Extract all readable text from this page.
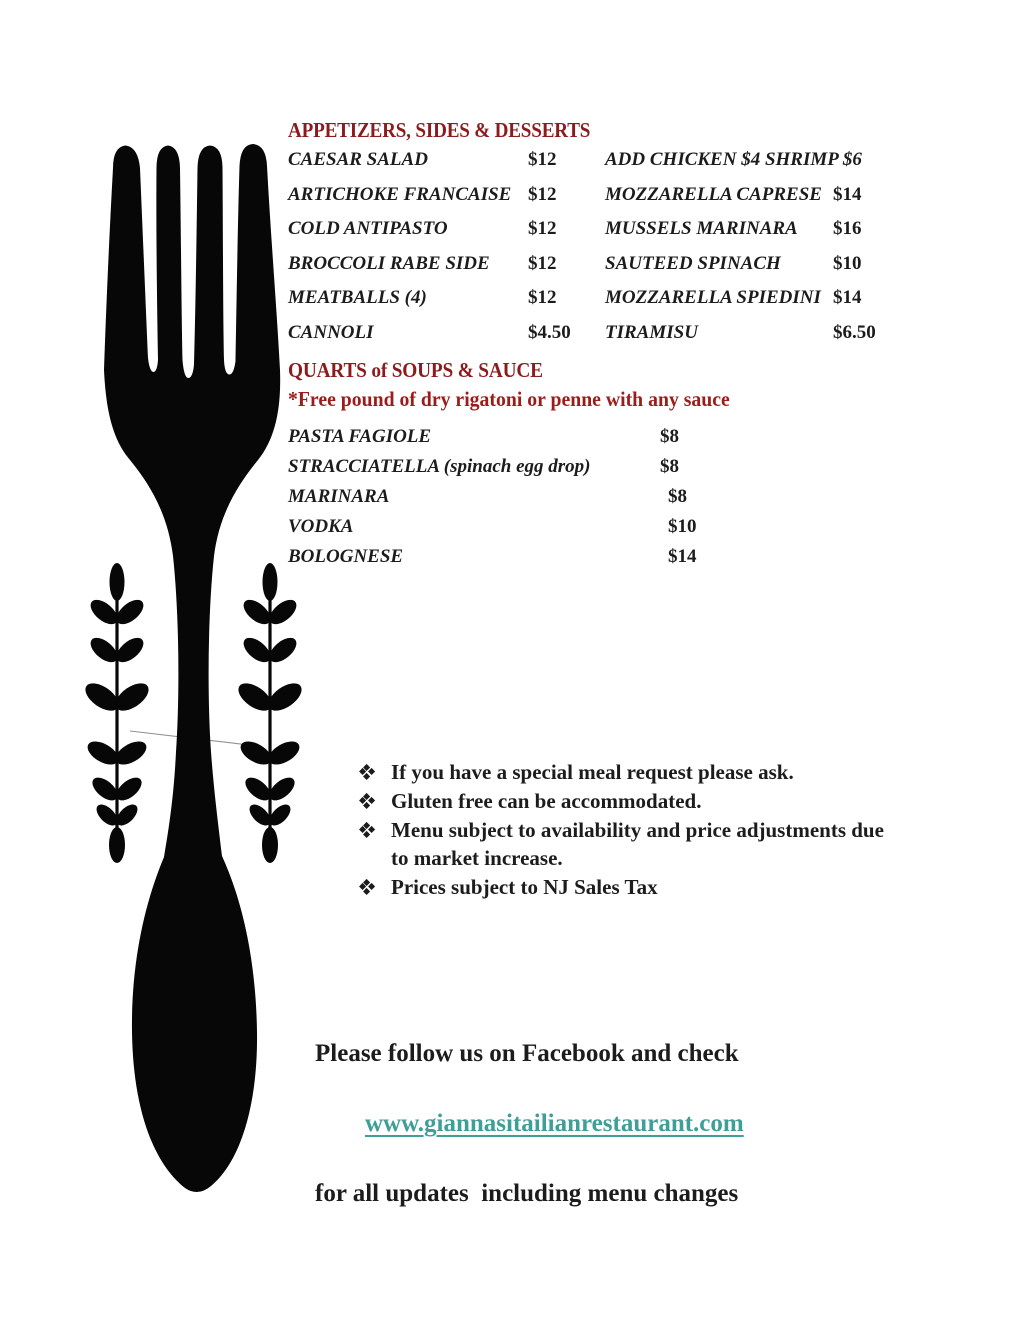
APPETIZERS, SIDES & DESSERTS
CAESAR SALAD	$12	ADD CHICKEN $4 SHRIMP $6
ARTICHOKE FRANCAISE $12	MOZZARELLA CAPRESE $14
COLD ANTIPASTO	$12	MUSSELS MARINARA	$16
BROCCOLI RABE SIDE	$12	SAUTEED SPINACH	$10
MEATBALLS (4)	$12	MOZZARELLA SPIEDINI $14
CANNOLI	$4.50	TIRAMISU	$6.50
QUARTS of SOUPS & SAUCE
*Free pound of dry rigatoni or penne with any sauce
PASTA FAGIOLE	$8
STRACCIATELLA (spinach egg drop)	$8
MARINARA	$8
VODKA	$10
BOLOGNESE	$14
If you have a special meal request please ask.
Gluten free can be accommodated.
Menu subject to availability and price adjustments due to market increase.
Prices subject to NJ Sales Tax
Please follow us on Facebook and check

www.giannasitailianrestaurant.com

for all updates  including menu changes
